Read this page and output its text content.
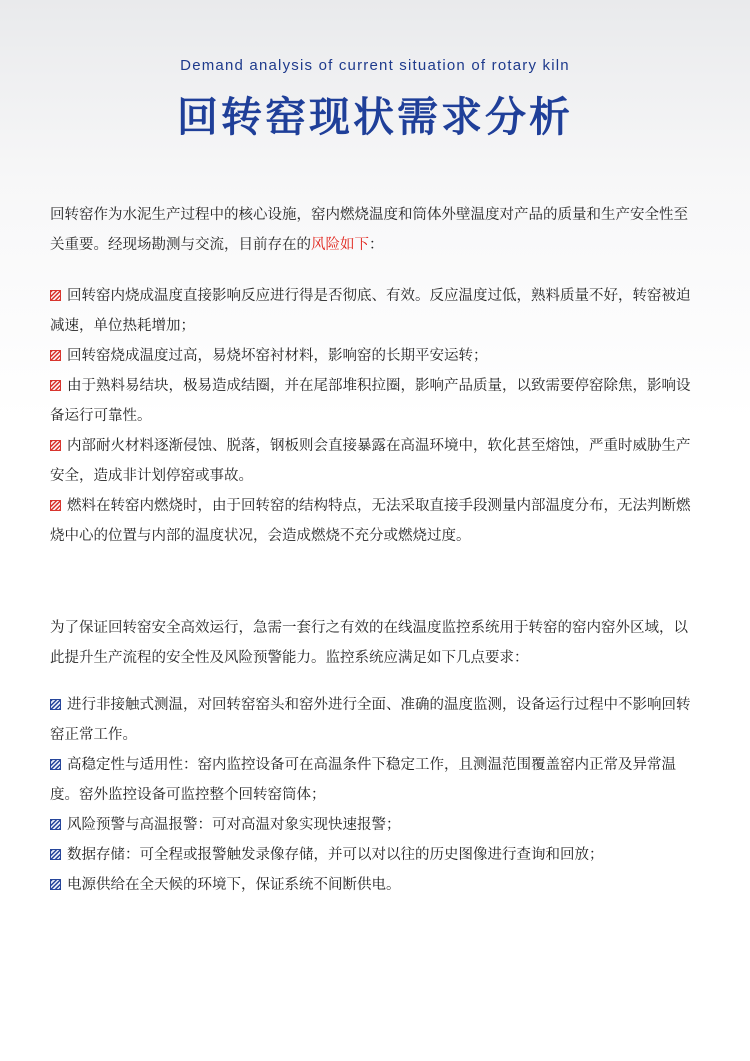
Demand analysis of current situation of rotary kiln
回转窑现状需求分析
回转窑作为水泥生产过程中的核心设施，窑内燃烧温度和筒体外壁温度对产品的质量和生产安全性至关重要。经现场勘测与交流，目前存在的风险如下：
回转窑内烧成温度直接影响反应进行得是否彻底、有效。反应温度过低，熟料质量不好，转窑被迫减速，单位热耗增加；
回转窑烧成温度过高，易烧坏窑衬材料，影响窑的长期平安运转；
由于熟料易结块，极易造成结圈，并在尾部堆积拉圈，影响产品质量，以致需要停窑除焦，影响设备运行可靠性。
内部耐火材料逐渐侵蚀、脱落，钢板则会直接暴露在高温环境中，软化甚至熔蚀，严重时威胁生产安全，造成非计划停窑或事故。
燃料在转窑内燃烧时，由于回转窑的结构特点，无法采取直接手段测量内部温度分布，无法判断燃烧中心的位置与内部的温度状况，会造成燃烧不充分或燃烧过度。
为了保证回转窑安全高效运行，急需一套行之有效的在线温度监控系统用于转窑的窑内窑外区域，以此提升生产流程的安全性及风险预警能力。监控系统应满足如下几点要求：
进行非接触式测温，对回转窑窑头和窑外进行全面、准确的温度监测，设备运行过程中不影响回转窑正常工作。
高稳定性与适用性：窑内监控设备可在高温条件下稳定工作，且测温范围覆盖窑内正常及异常温度。窑外监控设备可监控整个回转窑筒体；
风险预警与高温报警：可对高温对象实现快速报警；
数据存储：可全程或报警触发录像存储，并可以对以往的历史图像进行查询和回放；
电源供给在全天候的环境下，保证系统不间断供电。
